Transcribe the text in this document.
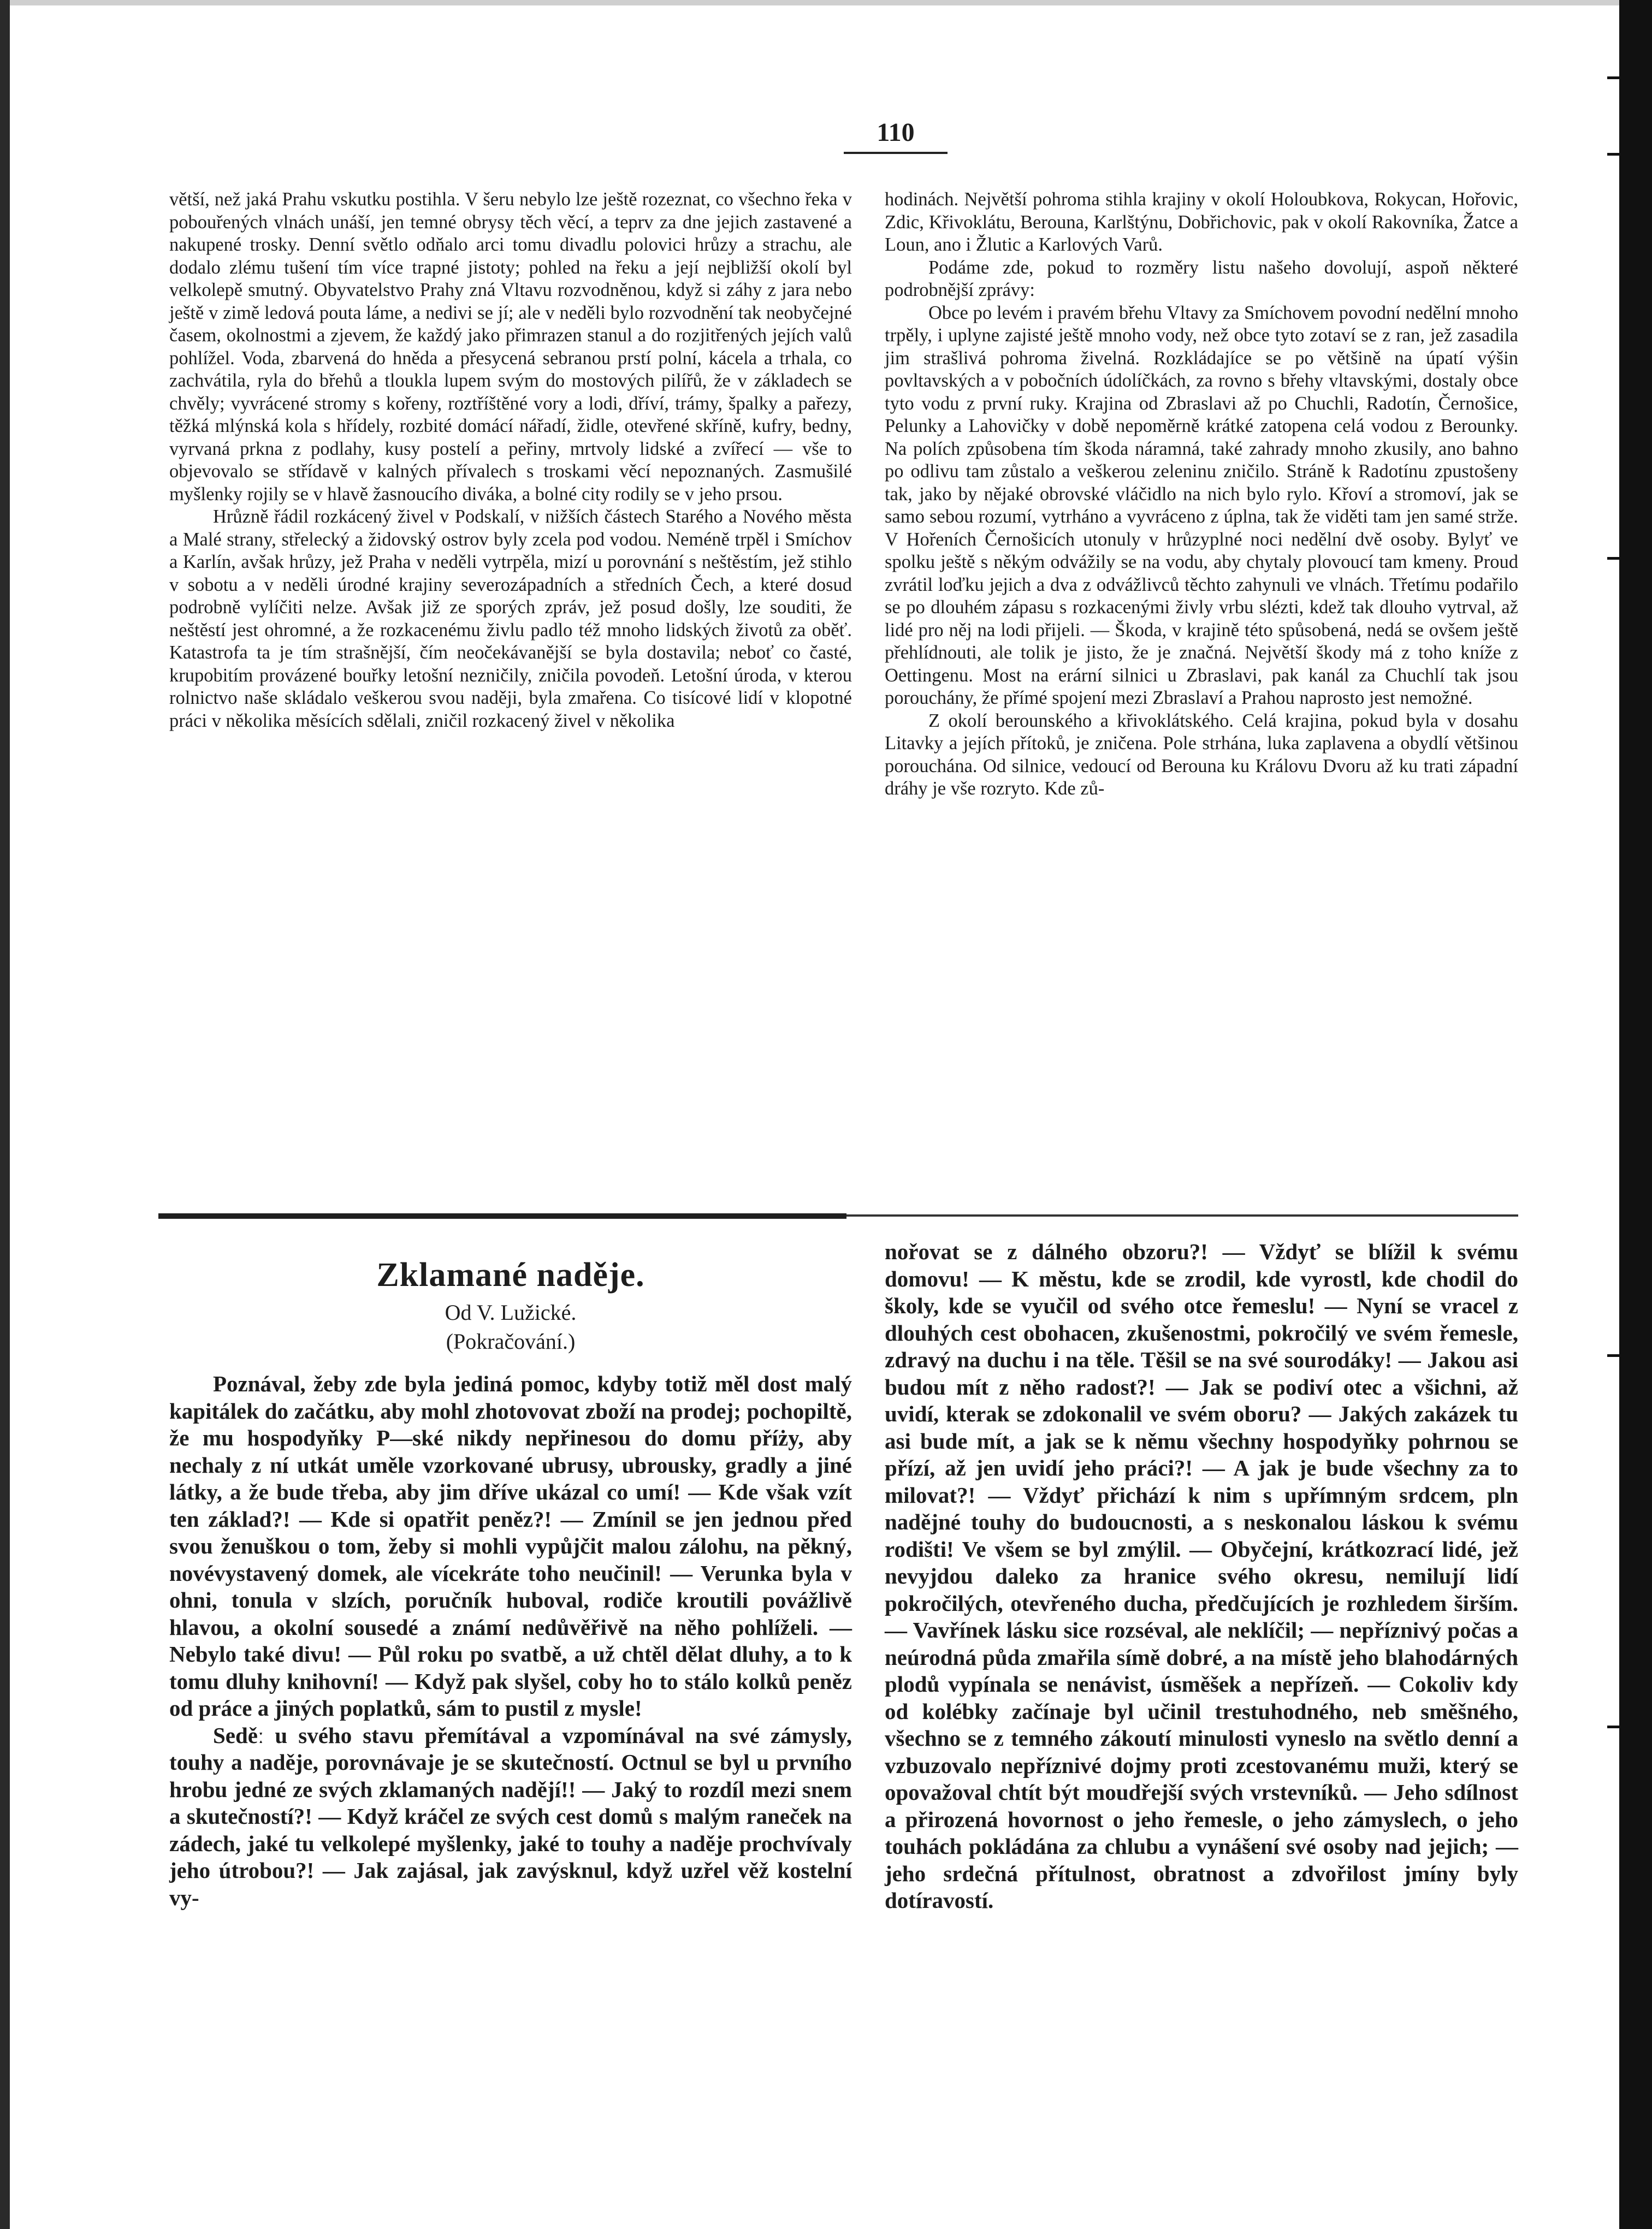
110

větší, než jaká Prahu vskutku postihla. V šeru nebylo lze ještě rozeznat, co všechno řeka v pobouřených vlnách unáší, jen temné obrysy těch věcí, a teprv za dne jejich zastavené a nakupené trosky. Denní světlo odňalo arci tomu divadlu polovici hrůzy a strachu, ale dodalo zlému tušení tím více trapné jistoty; pohled na řeku a její nejbližší okolí byl velkolepě smutný. Obyvatelstvo Prahy zná Vltavu rozvodněnou, když si záhy z jara nebo ještě v zimě ledová pouta láme, a nedivi se jí; ale v neděli bylo rozvodnění tak neobyčejné časem, okolnostmi a zjevem, že každý jako přimrazen stanul a do rozjitřených jejích valů pohlížel. Voda, zbarvená do hněda a přesycená sebranou prstí polní, kácela a trhala, co zachvátila, ryla do břehů a tloukla lupem svým do mostových pilířů, že v základech se chvěly; vyvrácené stromy s kořeny, roztříštěné vory a lodi, dříví, trámy, špalky a pařezy, těžká mlýnská kola s hřídely, rozbité domácí nářadí, židle, otevřené skříně, kufry, bedny, vyrvaná prkna z podlahy, kusy postelí a peřiny, mrtvoly lidské a zvířecí — vše to objevovalo se střídavě v kalných přívalech s troskami věcí nepoznaných. Zasmušilé myšlenky rojily se v hlavě žasnoucího diváka, a bolné city rodily se v jeho prsou.

Hrůzně řádil rozkácený živel v Podskalí, v nižších částech Starého a Nového města a Malé strany, střelecký a židovský ostrov byly zcela pod vodou. Neméně trpěl i Smíchov a Karlín, avšak hrůzy, jež Praha v neděli vytrpěla, mizí u porovnání s neštěstím, jež stihlo v sobotu a v neděli úrodné krajiny severozápadních a středních Čech, a které dosud podrobně vylíčiti nelze. Avšak již ze sporých zpráv, jež posud došly, lze souditi, že neštěstí jest ohromné, a že rozkacenému živlu padlo též mnoho lidských životů za oběť. Katastrofa ta je tím strašnější, čím neočekávanější se byla dostavila; neboť co časté, krupobitím provázené bouřky letošní nezničily, zničila povodeň. Letošní úroda, v kterou rolnictvo naše skládalo veškerou svou naději, byla zmařena. Co tisícové lidí v klopotné práci v několika měsících sdělali, zničil rozkacený živel v několika

hodinách. Největší pohroma stihla krajiny v okolí Holoubkova, Rokycan, Hořovic, Zdic, Křivoklátu, Berouna, Karlštýnu, Dobřichovic, pak v okolí Rakovníka, Žatce a Loun, ano i Žlutic a Karlových Varů.

Podáme zde, pokud to rozměry listu našeho dovolují, aspoň některé podrobnější zprávy:

Obce po levém i pravém břehu Vltavy za Smíchovem povodní nedělní mnoho trpěly, i uplyne zajisté ještě mnoho vody, než obce tyto zotaví se z ran, jež zasadila jim strašlivá pohroma živelná. Rozkládajíce se po většině na úpatí výšin povltavských a v pobočních údolíčkách, za rovno s břehy vltavskými, dostaly obce tyto vodu z první ruky. Krajina od Zbraslavi až po Chuchli, Radotín, Černošice, Pelunky a Lahovičky v době nepoměrně krátké zatopena celá vodou z Berounky. Na polích způsobena tím škoda náramná, také zahrady mnoho zkusily, ano bahno po odlivu tam zůstalo a veškerou zeleninu zničilo. Stráně k Radotínu zpustošeny tak, jako by nějaké obrovské vláčidlo na nich bylo rylo. Křoví a stromoví, jak se samo sebou rozumí, vytrháno a vyvráceno z úplna, tak že viděti tam jen samé strže. V Hořeních Černošicích utonuly v hrůzyplné noci nedělní dvě osoby. Bylyť ve spolku ještě s někým odvážily se na vodu, aby chytaly plovoucí tam kmeny. Proud zvrátil loďku jejich a dva z odvážlivců těchto zahynuli ve vlnách. Třetímu podařilo se po dlouhém zápasu s rozkacenými živly vrbu slézti, kdež tak dlouho vytrval, až lidé pro něj na lodi přijeli. — Škoda, v krajině této spůsobená, nedá se ovšem ještě přehlídnouti, ale tolik je jisto, že je značná. Největší škody má z toho kníže z Oettingenu. Most na erární silnici u Zbraslavi, pak kanál za Chuchlí tak jsou porouchány, že přímé spojení mezi Zbraslaví a Prahou naprosto jest nemožné.

Z okolí berounského a křivoklátského. Celá krajina, pokud byla v dosahu Litavky a jejích přítoků, je zničena. Pole strhána, luka zaplavena a obydlí většinou porouchána. Od silnice, vedoucí od Berouna ku Královu Dvoru až ku trati západní dráhy je vše rozryto. Kde zů-

Zklamané naděje.
Od V. Lužické.
(Pokračování.)

Poznával, žeby zde byla jediná pomoc, kdyby totiž měl dost malý kapitálek do začátku, aby mohl zhotovovat zboží na prodej; pochopiltě, že mu hospodyňky P—ské nikdy nepřinesou do domu příży, aby nechaly z ní utkát uměle vzorkované ubrusy, ubrousky, gradly a jiné látky, a že bude třeba, aby jim dříve ukázal co umí! — Kde však vzít ten základ?! — Kde si opatřit peněz?! — Zmínil se jen jednou před svou ženuškou o tom, žeby si mohli vypůjčit malou zálohu, na pěkný, novévystavený domek, ale vícekráte toho neučinil! — Verunka byla v ohni, tonula v slzích, poručník huboval, rodiče kroutili povážlivě hlavou, a okolní sousedé a známí nedůvěřivě na něho pohlíželi. — Nebylo také divu! — Půl roku po svatbě, a už chtěl dělat dluhy, a to k tomu dluhy knihovní! — Když pak slyšel, coby ho to stálo kolků peněz od práce a jiných poplatků, sám to pustil z mysle!

Seděː u svého stavu přemítával a vzpomínával na své zámysly, touhy a naděje, porovnávaje je se skutečností. Octnul se byl u prvního hrobu jedné ze svých zklamaných nadějí!! — Jaký to rozdíl mezi snem a skutečností?! — Když kráčel ze svých cest domů s malým raneček na zádech, jaké tu velkolepé myšlenky, jaké to touhy a naděje prochvívaly jeho útrobou?! — Jak zajásal, jak zavýsknul, když uzřel věž kostelní vy-

nořovat se z dálného obzoru?! — Vždyť se blížil k svému domovu! — K městu, kde se zrodil, kde vyrostl, kde chodil do školy, kde se vyučil od svého otce řemeslu! — Nyní se vracel z dlouhých cest obohacen, zkušenostmi, pokročilý ve svém řemesle, zdravý na duchu i na těle. Těšil se na své sourodáky! — Jakou asi budou mít z něho radost?! — Jak se podiví otec a všichni, až uvidí, kterak se zdokonalil ve svém oboru? — Jakých zakázek tu asi bude mít, a jak se k němu všechny hospodyňky pohrnou se přízí, až jen uvidí jeho práci?! — A jak je bude všechny za to milovat?! — Vždyť přichází k nim s upřímným srdcem, pln nadějné touhy do budoucnosti, a s neskonalou láskou k svému rodišti! Ve všem se byl zmýlil. — Obyčejní, krátkozrací lidé, jež nevyjdou daleko za hranice svého okresu, nemilují lidí pokročilých, otevřeného ducha, předčujících je rozhledem širším. — Vavřínek lásku sice rozséval, ale neklíčil; — nepříznivý počas a neúrodná půda zmařila símě dobré, a na místě jeho blahodárných plodů vypínala se nenávist, úsměšek a nepřízeň. — Cokoliv kdy od kolébky začínaje byl učinil trestuhodného, neb směšného, všechno se z temného zákoutí minulosti vyneslo na světlo denní a vzbuzovalo nepříznivé dojmy proti zcestovanému muži, který se opovažoval chtít být moudřejší svých vrstevníků. — Jeho sdílnost a přirozená hovornost o jeho řemesle, o jeho zámyslech, o jeho touhách pokládána za chlubu a vynášení své osoby nad jejich; — jeho srdečná přítulnost, obratnost a zdvořilost jmíny byly dotíravostí.
